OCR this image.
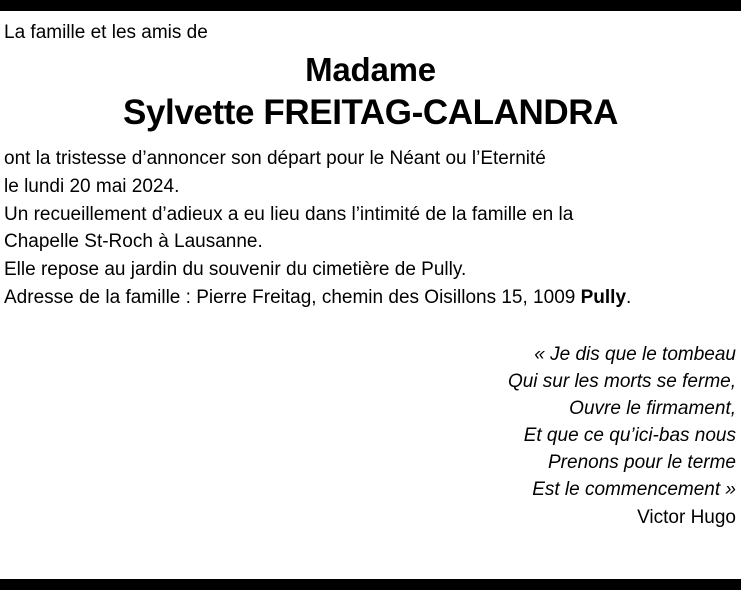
La famille et les amis de
Madame
Sylvette FREITAG-CALANDRA
ont la tristesse d’annoncer son départ pour le Néant ou l’Eternité
le lundi 20 mai 2024.
Un recueillement d’adieux a eu lieu dans l’intimité de la famille en la
Chapelle St-Roch à Lausanne.
Elle repose au jardin du souvenir du cimetière de Pully.
Adresse de la famille : Pierre Freitag, chemin des Oisillons 15, 1009 Pully.
« Je dis que le tombeau
Qui sur les morts se ferme,
Ouvre le firmament,
Et que ce qu’ici-bas nous
Prenons pour le terme
Est le commencement »
Victor Hugo
